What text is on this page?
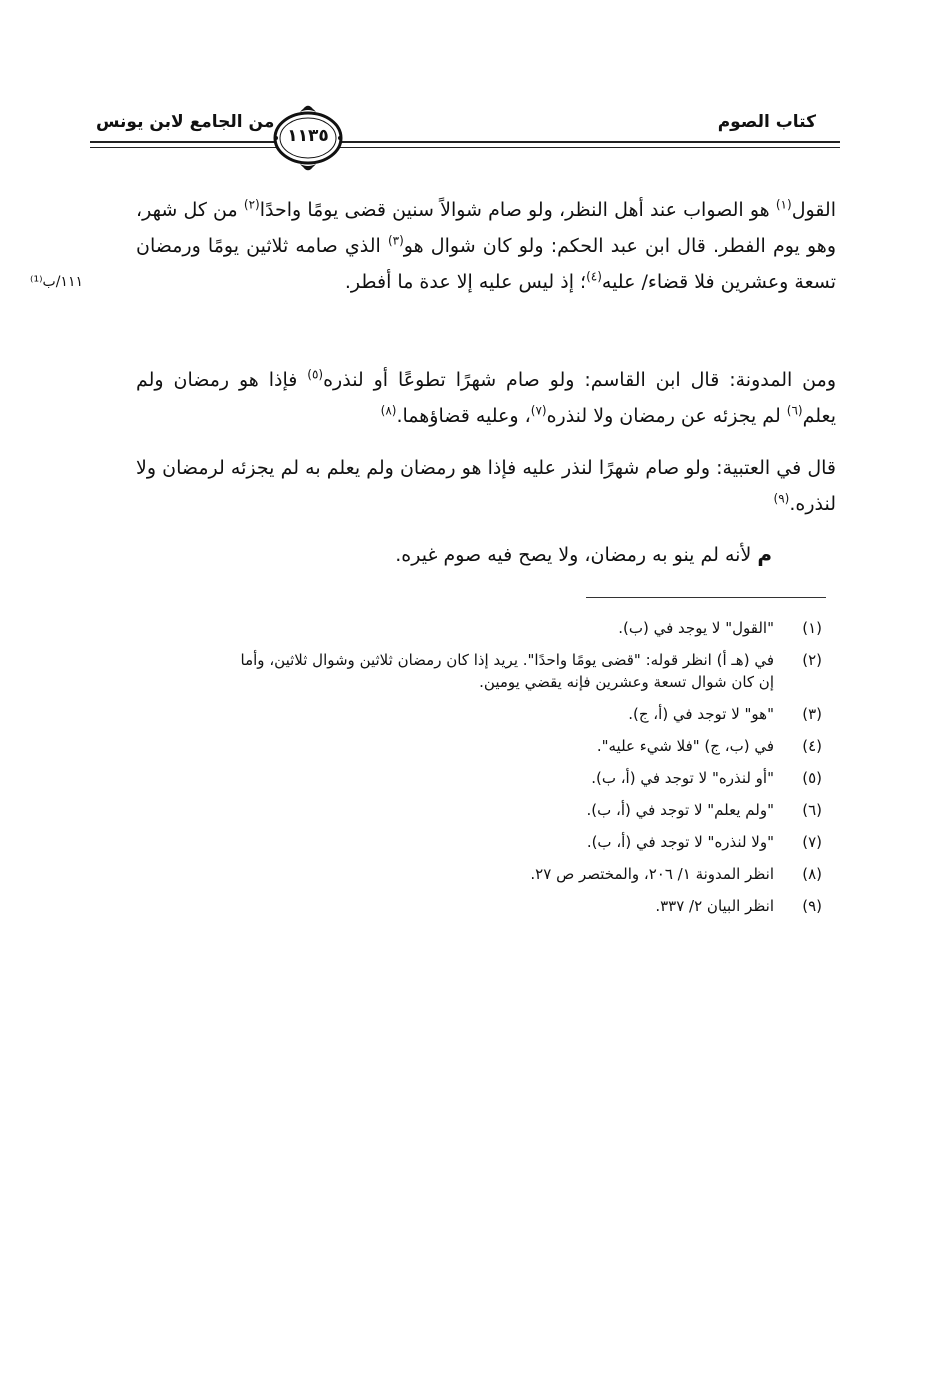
كتاب الصوم
من الجامع لابن يونس
١١٣٥
١١١/ب⁽¹⁾

القول$^{(١)}$ هو الصواب عند أهل النظر، ولو صام شوالاً سنين قضى يومًا واحدًا$^{(٢)}$ من كل شهر، وهو يوم الفطر. قال ابن عبد الحكم: ولو كان شوال هو$^{(٣)}$ الذي صامه ثلاثين يومًا ورمضان تسعة وعشرين فلا قضاء/ عليه$^{(٤)}$؛ إذ ليس عليه إلا عدة ما أفطر.

ومن المدونة: قال ابن القاسم: ولو صام شهرًا تطوعًا أو لنذره$^{(٥)}$ فإذا هو رمضان ولم يعلم$^{(٦)}$ لم يجزئه عن رمضان ولا لنذره$^{(٧)}$، وعليه قضاؤهما.$^{(٨)}$

قال في العتبية: ولو صام شهرًا لنذر عليه فإذا هو رمضان ولم يعلم به لم يجزئه لرمضان ولا لنذره.$^{(٩)}$

م لأنه لم ينو به رمضان، ولا يصح فيه صوم غيره.

(١)
"القول" لا يوجد في (ب).
(٢)
في (هـ أ) انظر قوله: "قضى يومًا واحدًا". يريد إذا كان رمضان ثلاثين وشوال ثلاثين، وأما
إن كان شوال تسعة وعشرين فإنه يقضي يومين.
(٣)
"هو" لا توجد في (أ، ج).
(٤)
في (ب، ج) "فلا شيء عليه".
(٥)
"أو لنذره" لا توجد في (أ، ب).
(٦)
"ولم يعلم" لا توجد في (أ، ب).
(٧)
"ولا لنذره" لا توجد في (أ، ب).
(٨)
انظر المدونة ١/ ٢٠٦، والمختصر ص ٢٧.
(٩)
انظر البيان ٢/ ٣٣٧.
